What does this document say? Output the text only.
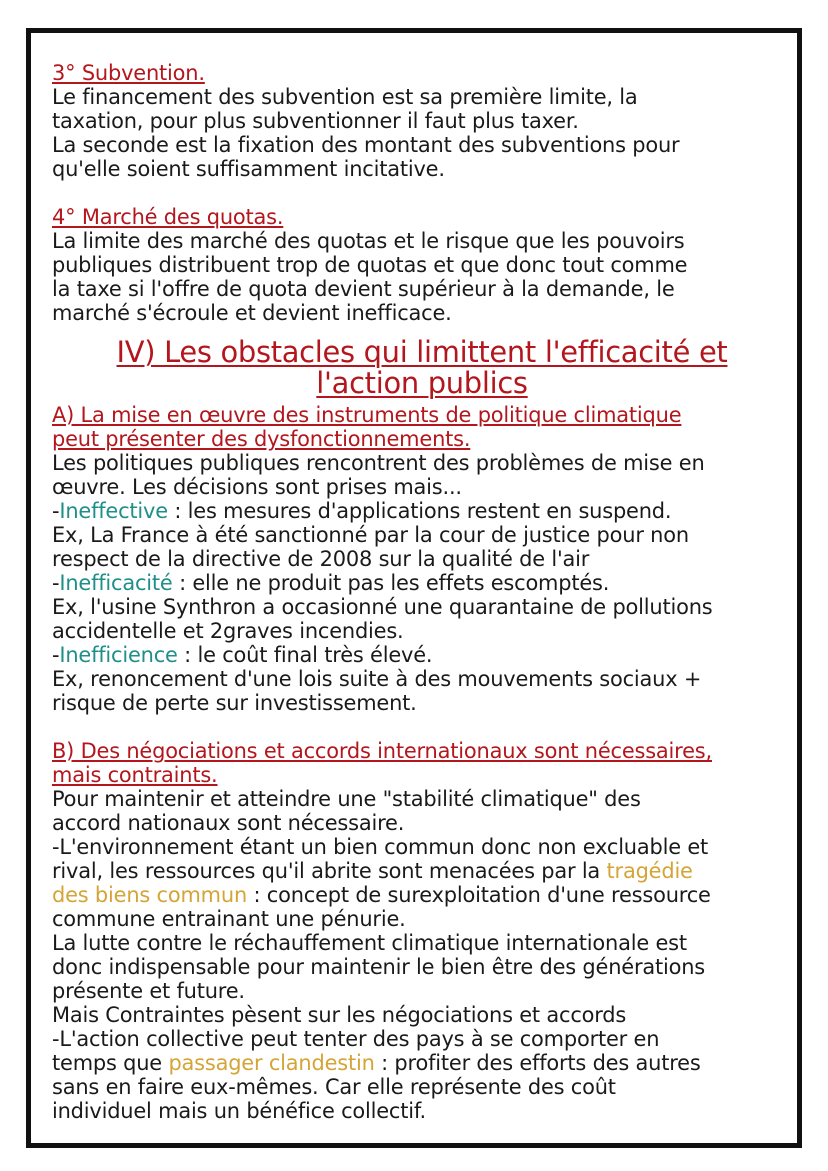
3° Subvention.
Le financement des subvention est sa première limite, la
taxation, pour plus subventionner il faut plus taxer.
La seconde est la fixation des montant des subventions pour
qu'elle soient suffisamment incitative.
4° Marché des quotas.
La limite des marché des quotas et le risque que les pouvoirs
publiques distribuent trop de quotas et que donc tout comme
la taxe si l'offre de quota devient supérieur à la demande, le
marché s'écroule et devient inefficace.
IV) Les obstacles qui limittent l'efficacité et
l'action publics
A) La mise en œuvre des instruments de politique climatique
peut présenter des dysfonctionnements.
Les politiques publiques rencontrent des problèmes de mise en
œuvre. Les décisions sont prises mais...
-Ineffective : les mesures d'applications restent en suspend.
Ex, La France à été sanctionné par la cour de justice pour non
respect de la directive de 2008 sur la qualité de l'air
-Inefficacité : elle ne produit pas les effets escomptés.
Ex, l'usine Synthron a occasionné une quarantaine de pollutions
accidentelle et 2graves incendies.
-Inefficience : le coût final très élevé.
Ex, renoncement d'une lois suite à des mouvements sociaux +
risque de perte sur investissement.
B) Des négociations et accords internationaux sont nécessaires,
mais contraints.
Pour maintenir et atteindre une "stabilité climatique" des
accord nationaux sont nécessaire.
-L'environnement étant un bien commun donc non excluable et
rival, les ressources qu'il abrite sont menacées par la tragédie
des biens commun : concept de surexploitation d'une ressource
commune entrainant une pénurie.
La lutte contre le réchauffement climatique internationale est
donc indispensable pour maintenir le bien être des générations
présente et future.
Mais Contraintes pèsent sur les négociations et accords
-L'action collective peut tenter des pays à se comporter en
temps que passager clandestin : profiter des efforts des autres
sans en faire eux-mêmes. Car elle représente des coût
individuel mais un bénéfice collectif.
